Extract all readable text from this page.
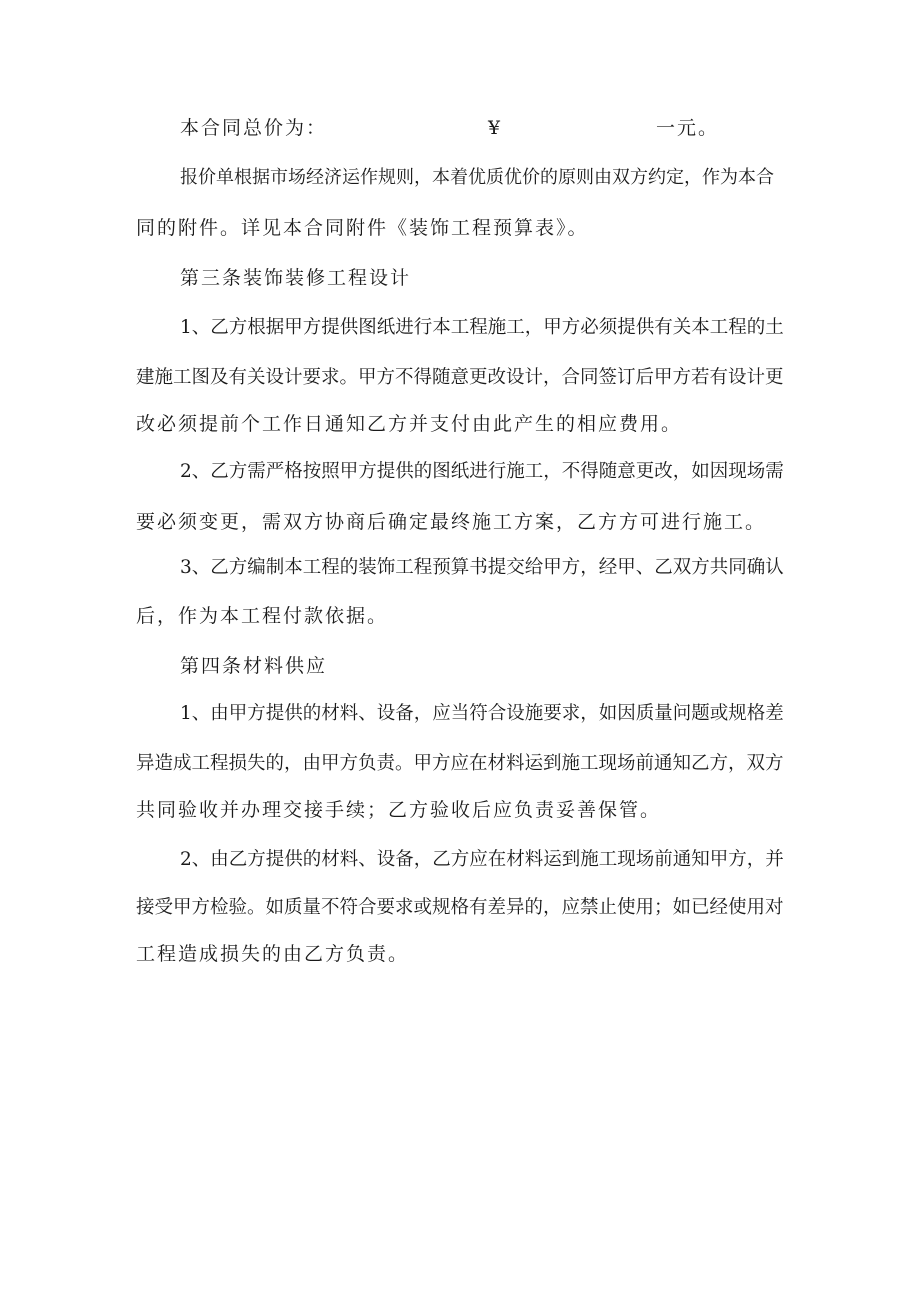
本合同总价为：	¥	一元。
报价单根据市场经济运作规则，本着优质优价的原则由双方约定，作为本合
同的附件。详见本合同附件《装饰工程预算表》。
第三条装饰装修工程设计
1、乙方根据甲方提供图纸进行本工程施工，甲方必须提供有关本工程的土
建施工图及有关设计要求。甲方不得随意更改设计，合同签订后甲方若有设计更
改必须提前个工作日通知乙方并支付由此产生的相应费用。
2、乙方需严格按照甲方提供的图纸进行施工，不得随意更改，如因现场需
要必须变更，需双方协商后确定最终施工方案，乙方方可进行施工。
3、乙方编制本工程的装饰工程预算书提交给甲方，经甲、乙双方共同确认
后，作为本工程付款依据。
第四条材料供应
1、由甲方提供的材料、设备，应当符合设施要求，如因质量问题或规格差
异造成工程损失的，由甲方负责。甲方应在材料运到施工现场前通知乙方，双方
共同验收并办理交接手续；乙方验收后应负责妥善保管。
2、由乙方提供的材料、设备，乙方应在材料运到施工现场前通知甲方，并
接受甲方检验。如质量不符合要求或规格有差异的，应禁止使用；如已经使用对
工程造成损失的由乙方负责。
